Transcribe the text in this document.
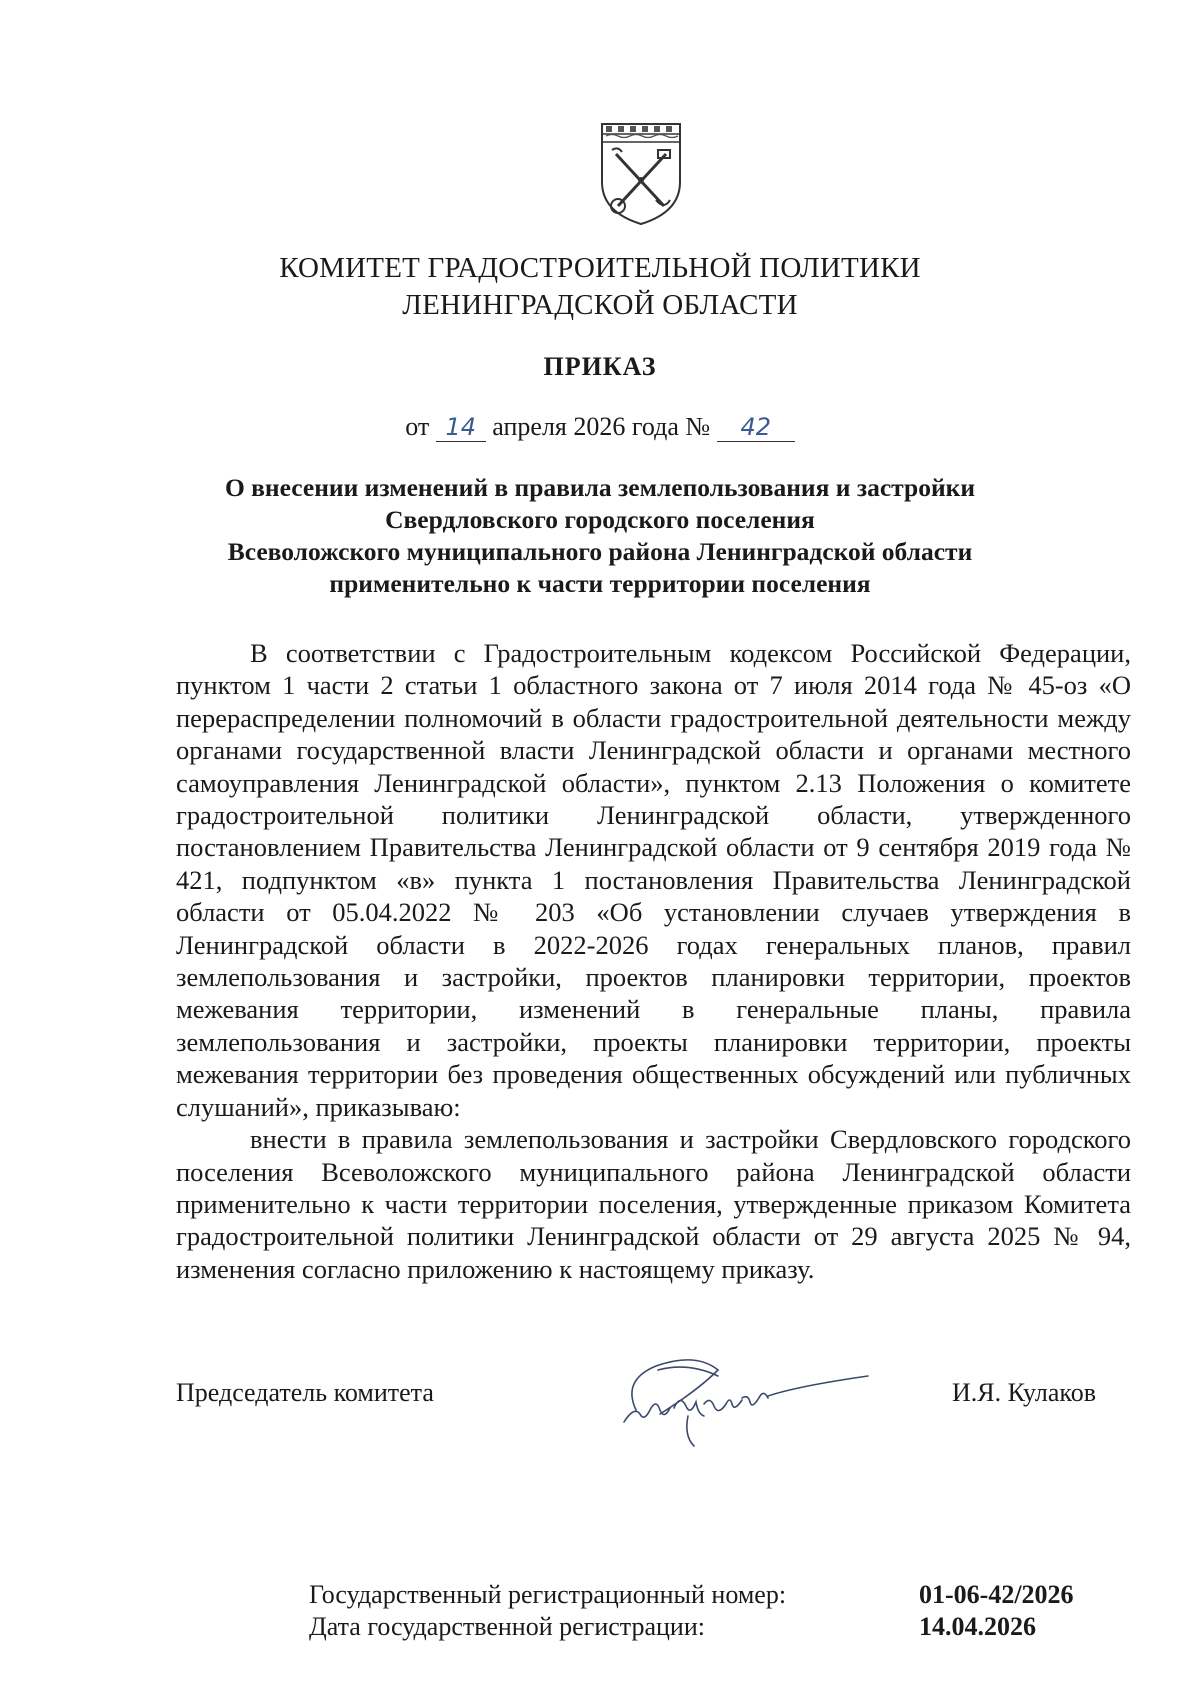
КОМИТЕТ ГРАДОСТРОИТЕЛЬНОЙ ПОЛИТИКИ
ЛЕНИНГРАДСКОЙ ОБЛАСТИ
ПРИКАЗ
от 14 апреля 2026 года № 42
О внесении изменений в правила землепользования и застройки
Свердловского городского поселения
Всеволожского муниципального района Ленинградской области
применительно к части территории поселения

В соответствии с Градостроительным кодексом Российской Федерации, пунктом 1 части 2 статьи 1 областного закона от 7 июля 2014 года № 45-оз «О перераспределении полномочий в области градостроительной деятельности между органами государственной власти Ленинградской области и органами местного самоуправления Ленинградской области», пунктом 2.13 Положения о комитете градостроительной политики Ленинградской области, утвержденного постановлением Правительства Ленинградской области от 9 сентября 2019 года № 421, подпунктом «в» пункта 1 постановления Правительства Ленинградской области от 05.04.2022 № 203 «Об установлении случаев утверждения в Ленинградской области в 2022-2026 годах генеральных планов, правил землепользования и застройки, проектов планировки территории, проектов межевания территории, изменений в генеральные планы, правила землепользования и застройки, проекты планировки территории, проекты межевания территории без проведения общественных обсуждений или публичных слушаний», приказываю:

внести в правила землепользования и застройки Свердловского городского поселения Всеволожского муниципального района Ленинградской области применительно к части территории поселения, утвержденные приказом Комитета градостроительной политики Ленинградской области от 29 августа 2025 № 94, изменения согласно приложению к настоящему приказу.

Председатель комитета	И.Я. Кулаков
Государственный регистрационный номер:	01-06-42/2026
Дата государственной регистрации:	14.04.2026
